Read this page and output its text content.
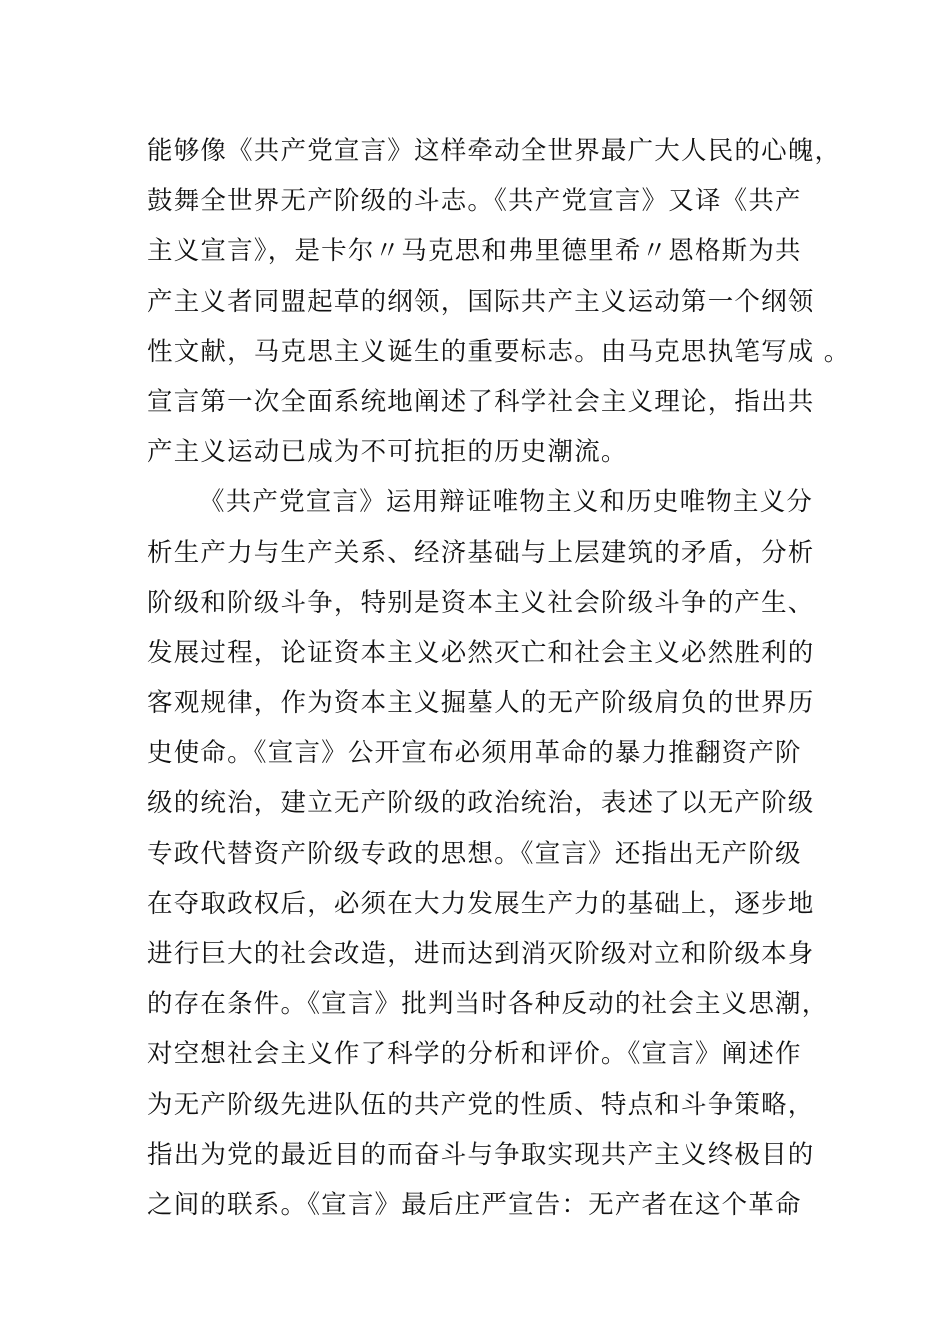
能够像《共产党宣言》这样牵动全世界最广大人民的心魄，
鼓舞全世界无产阶级的斗志。《共产党宣言》又译《共产
主义宣言》，是卡尔〃马克思和弗里德里希〃恩格斯为共
产主义者同盟起草的纲领，国际共产主义运动第一个纲领
性文献，马克思主义诞生的重要标志。由马克思执笔写成 。
宣言第一次全面系统地阐述了科学社会主义理论，指出共
产主义运动已成为不可抗拒的历史潮流。
《共产党宣言》运用辩证唯物主义和历史唯物主义分
析生产力与生产关系、经济基础与上层建筑的矛盾，分析
阶级和阶级斗争，特别是资本主义社会阶级斗争的产生、
发展过程，论证资本主义必然灭亡和社会主义必然胜利的
客观规律，作为资本主义掘墓人的无产阶级肩负的世界历
史使命。《宣言》公开宣布必须用革命的暴力推翻资产阶
级的统治，建立无产阶级的政治统治，表述了以无产阶级
专政代替资产阶级专政的思想。《宣言》还指出无产阶级
在夺取政权后，必须在大力发展生产力的基础上，逐步地
进行巨大的社会改造，进而达到消灭阶级对立和阶级本身
的存在条件。《宣言》批判当时各种反动的社会主义思潮，
对空想社会主义作了科学的分析和评价。《宣言》阐述作
为无产阶级先进队伍的共产党的性质、特点和斗争策略，
指出为党的最近目的而奋斗与争取实现共产主义终极目的
之间的联系。《宣言》最后庄严宣告：无产者在这个革命
